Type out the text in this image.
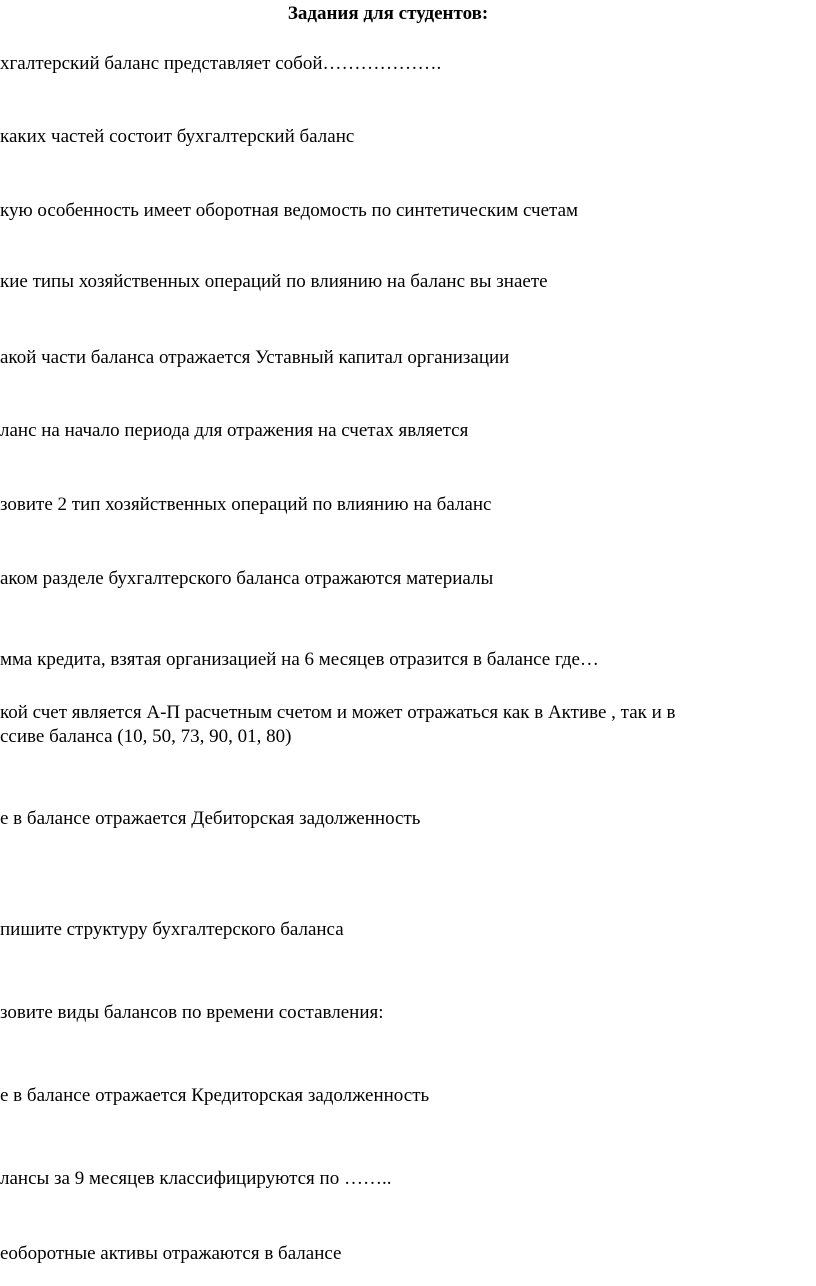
Задания для студентов:
хгалтерский баланс представляет собой……………….
каких частей состоит бухгалтерский баланс
кую особенность имеет оборотная ведомость по синтетическим счетам
кие типы хозяйственных операций по влиянию на баланс вы знаете
акой части баланса отражается Уставный капитал организации
ланс на начало периода для отражения на счетах является
зовите 2 тип хозяйственных операций по влиянию на баланс
аком разделе бухгалтерского баланса отражаются материалы
мма кредита, взятая организацией на 6 месяцев отразится в балансе где…
кой счет является А-П расчетным счетом и может отражаться как в Активе , так и в
ссиве баланса (10, 50, 73, 90, 01, 80)
е в балансе отражается Дебиторская задолженность
пишите структуру бухгалтерского баланса
зовите виды балансов по времени составления:
е в балансе отражается Кредиторская задолженность
лансы за 9 месяцев классифицируются по ……..
еоборотные активы отражаются в балансе
